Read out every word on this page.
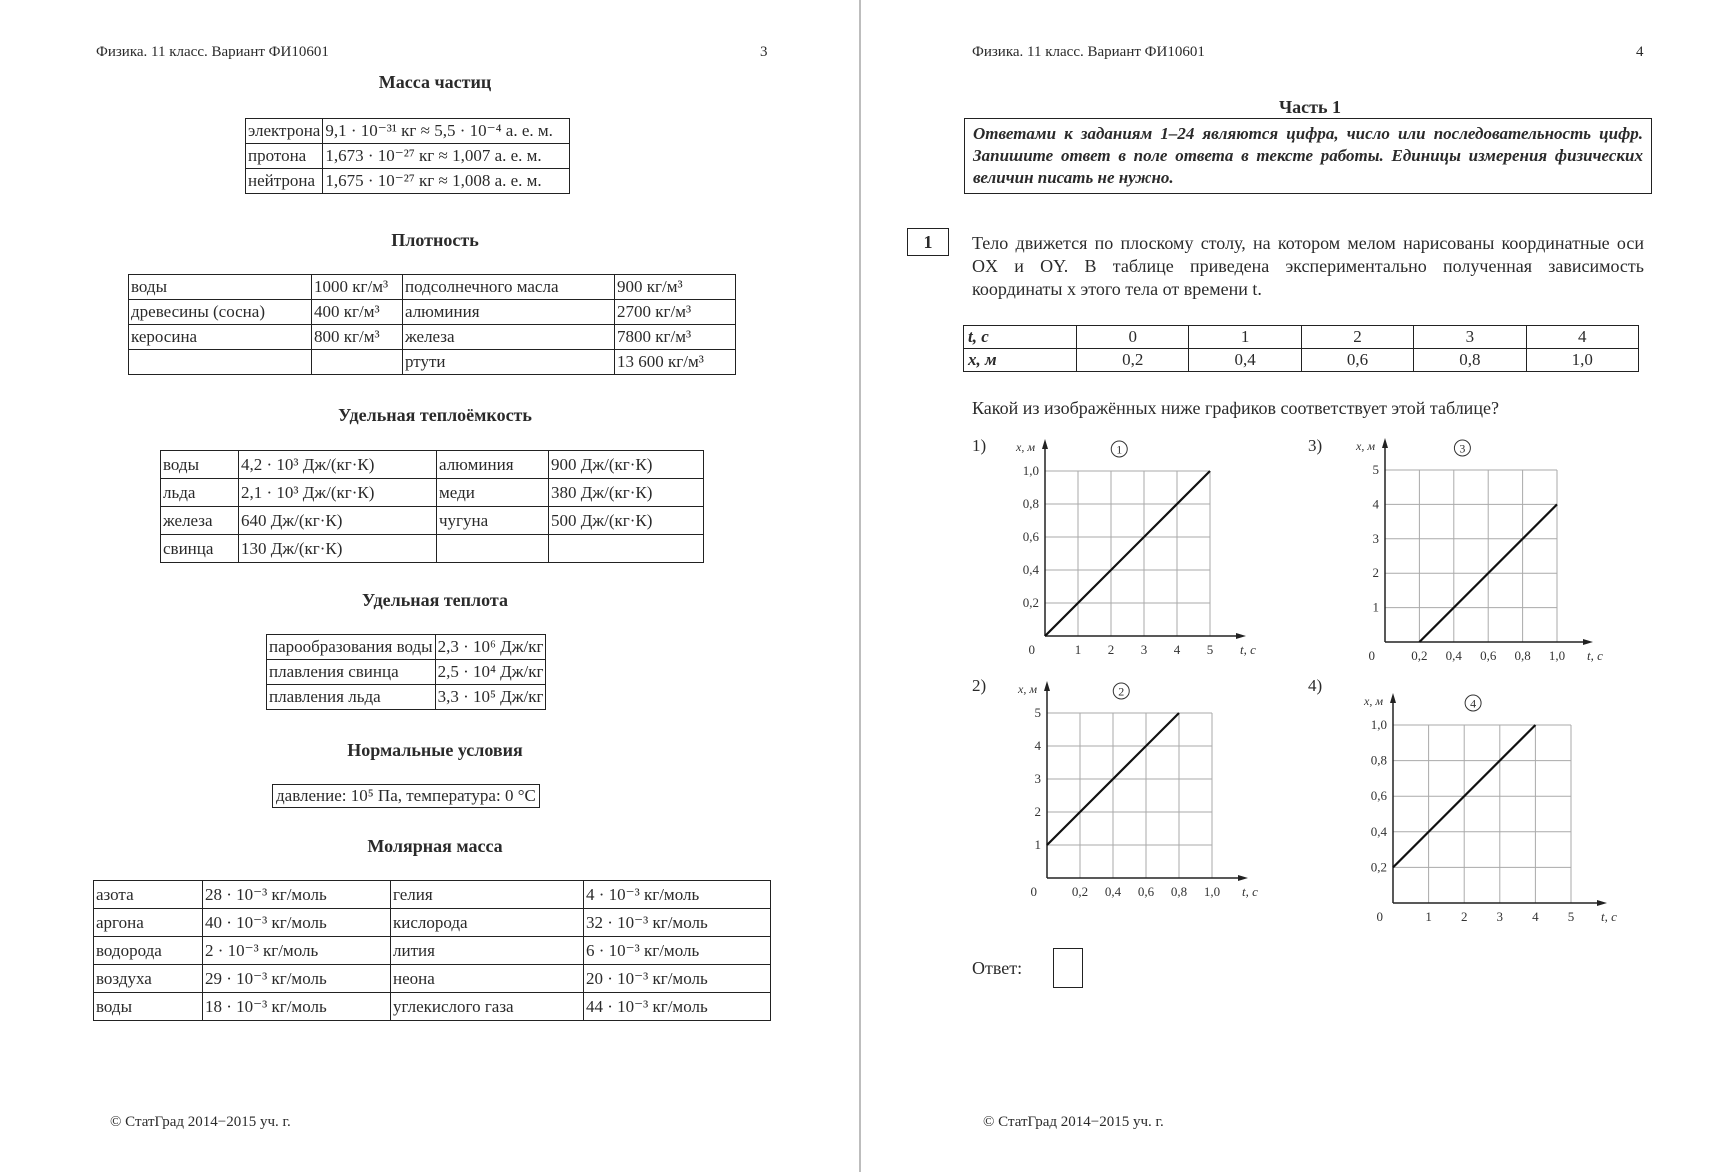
Физика. 11 класс. Вариант ФИ10601	3
Масса частиц
электрона	9,1 · 10⁻³¹ кг ≈ 5,5 · 10⁻⁴ а. е. м.
протона	1,673 · 10⁻²⁷ кг ≈ 1,007 а. е. м.
нейтрона	1,675 · 10⁻²⁷ кг ≈ 1,008 а. е. м.
Плотность
воды	1000 кг/м³	подсолнечного масла	900 кг/м³
древесины (сосна)	400 кг/м³	алюминия	2700 кг/м³
керосина	800 кг/м³	железа	7800 кг/м³
		ртути	13 600 кг/м³
Удельная теплоёмкость
воды	4,2 · 10³ Дж/(кг·К)	алюминия	900 Дж/(кг·К)
льда	2,1 · 10³ Дж/(кг·К)	меди	380 Дж/(кг·К)
железа	640 Дж/(кг·К)	чугуна	500 Дж/(кг·К)
свинца	130 Дж/(кг·К)		
Удельная теплота
парообразования воды	2,3 · 10⁶ Дж/кг
плавления свинца	2,5 · 10⁴ Дж/кг
плавления льда	3,3 · 10⁵ Дж/кг
Нормальные условия
давление: 10⁵ Па, температура: 0 °С
Молярная масса
азота	28 · 10⁻³ кг/моль	гелия	4 · 10⁻³ кг/моль
аргона	40 · 10⁻³ кг/моль	кислорода	32 · 10⁻³ кг/моль
водорода	2 · 10⁻³ кг/моль	лития	6 · 10⁻³ кг/моль
воздуха	29 · 10⁻³ кг/моль	неона	20 · 10⁻³ кг/моль
воды	18 · 10⁻³ кг/моль	углекислого газа	44 · 10⁻³ кг/моль
© СтатГрад 2014−2015 уч. г.
Физика. 11 класс. Вариант ФИ10601	4
Часть 1
Ответами к заданиям 1–24 являются цифра, число или последовательность цифр. Запишите ответ в поле ответа в тексте работы. Единицы измерения физических величин писать не нужно.
1	Тело движется по плоскому столу, на котором мелом нарисованы координатные оси OX и OY. В таблице приведена экспериментально полученная зависимость координаты x этого тела от времени t.
t, с	0	1	2	3	4
x, м	0,2	0,4	0,6	0,8	1,0
Какой из изображённых ниже графиков соответствует этой таблице?
1)	3)
2)	4)
1 2 3 4 5
0,2
0,4
0,6
0,8
1,0
0	t, с
x, м	1
0,2 0,4 0,6 0,8 1,0
1
2
3
4
5
0	t, с
x, м	3
0,2 0,4 0,6 0,8 1,0
1
2
3
4
5
0	t, с
x, м	2
1 2 3 4 5
0,2
0,4
0,6
0,8
1,0
0	t, с
x, м	4
Ответ:
© СтатГрад 2014−2015 уч. г.
